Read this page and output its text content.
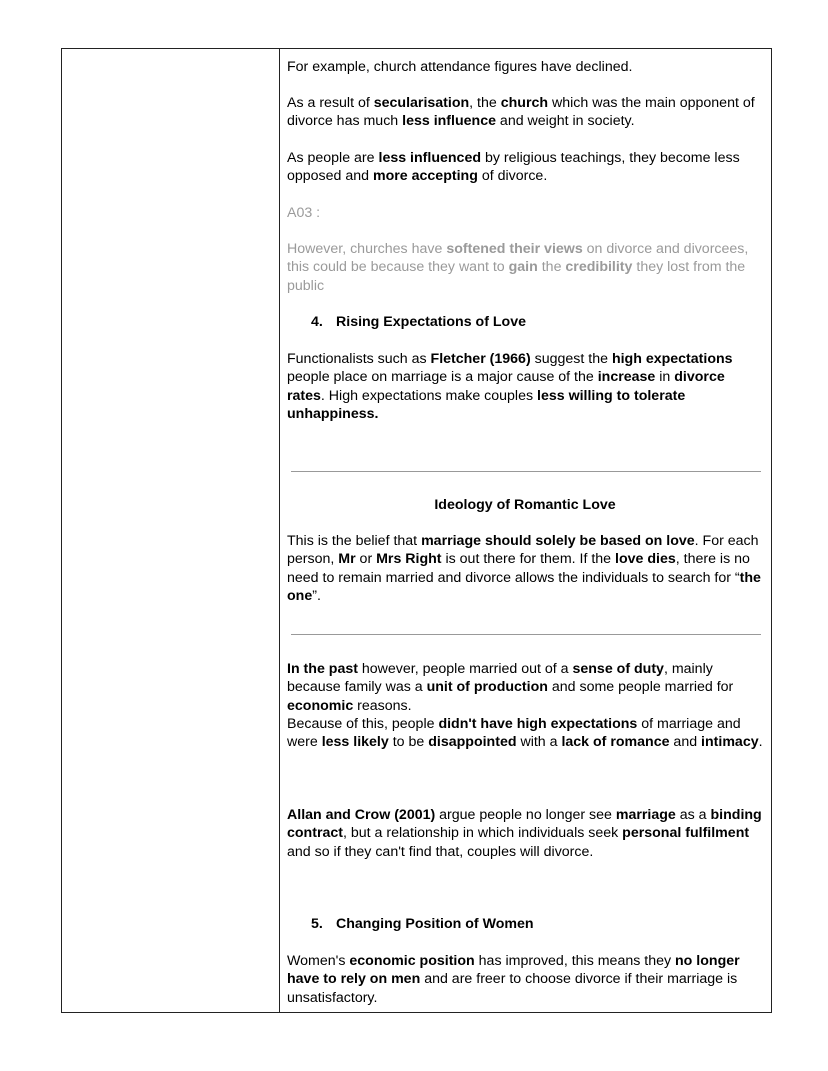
For example, church attendance figures have declined.
As a result of secularisation, the church which was the main opponent of divorce has much less influence and weight in society.
As people are less influenced by religious teachings, they become less opposed and more accepting of divorce.
A03 :
However, churches have softened their views on divorce and divorcees, this could be because they want to gain the credibility they lost from the public
4. Rising Expectations of Love
Functionalists such as Fletcher (1966) suggest the high expectations people place on marriage is a major cause of the increase in divorce rates. High expectations make couples less willing to tolerate unhappiness.
Ideology of Romantic Love
This is the belief that marriage should solely be based on love. For each person, Mr or Mrs Right is out there for them. If the love dies, there is no need to remain married and divorce allows the individuals to search for “the one”.
In the past however, people married out of a sense of duty, mainly because family was a unit of production and some people married for economic reasons.
Because of this, people didn't have high expectations of marriage and were less likely to be disappointed with a lack of romance and intimacy.
Allan and Crow (2001) argue people no longer see marriage as a binding contract, but a relationship in which individuals seek personal fulfilment and so if they can't find that, couples will divorce.
5. Changing Position of Women
Women's economic position has improved, this means they no longer have to rely on men and are freer to choose divorce if their marriage is unsatisfactory.
